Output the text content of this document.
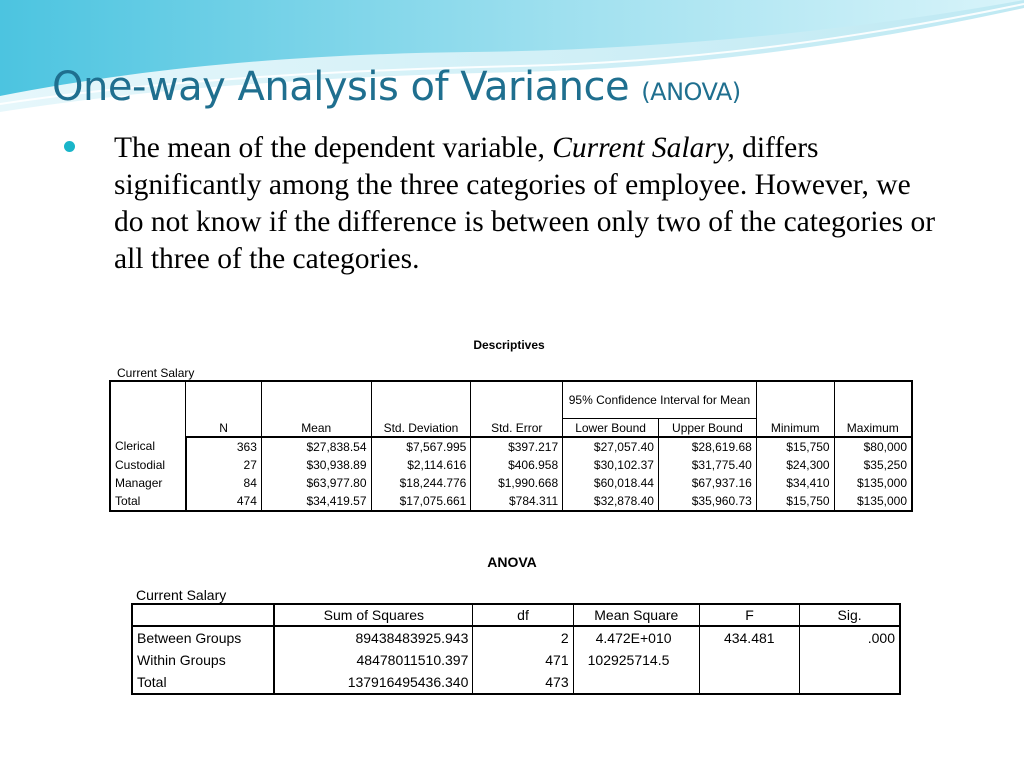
One-way Analysis of Variance (ANOVA)
The mean of the dependent variable, Current Salary, differs significantly among the three categories of employee. However, we do not know if the difference is between only two of the categories or all three of the categories.
Descriptives
Current Salary
	N	Mean	Std. Deviation	Std. Error	95% Confidence Interval for Mean		Minimum	Maximum
					Lower Bound	Upper Bound		
Clerical	363	$27,838.54	$7,567.995	$397.217	$27,057.40	$28,619.68	$15,750	$80,000
Custodial	27	$30,938.89	$2,114.616	$406.958	$30,102.37	$31,775.40	$24,300	$35,250
Manager	84	$63,977.80	$18,244.776	$1,990.668	$60,018.44	$67,937.16	$34,410	$135,000
Total	474	$34,419.57	$17,075.661	$784.311	$32,878.40	$35,960.73	$15,750	$135,000
ANOVA
Current Salary
	Sum of Squares	df	Mean Square	F	Sig.
Between Groups	89438483925.943	2	4.472E+010	434.481	.000
Within Groups	48478011510.397	471	102925714.5		
Total	137916495436.340	473			
